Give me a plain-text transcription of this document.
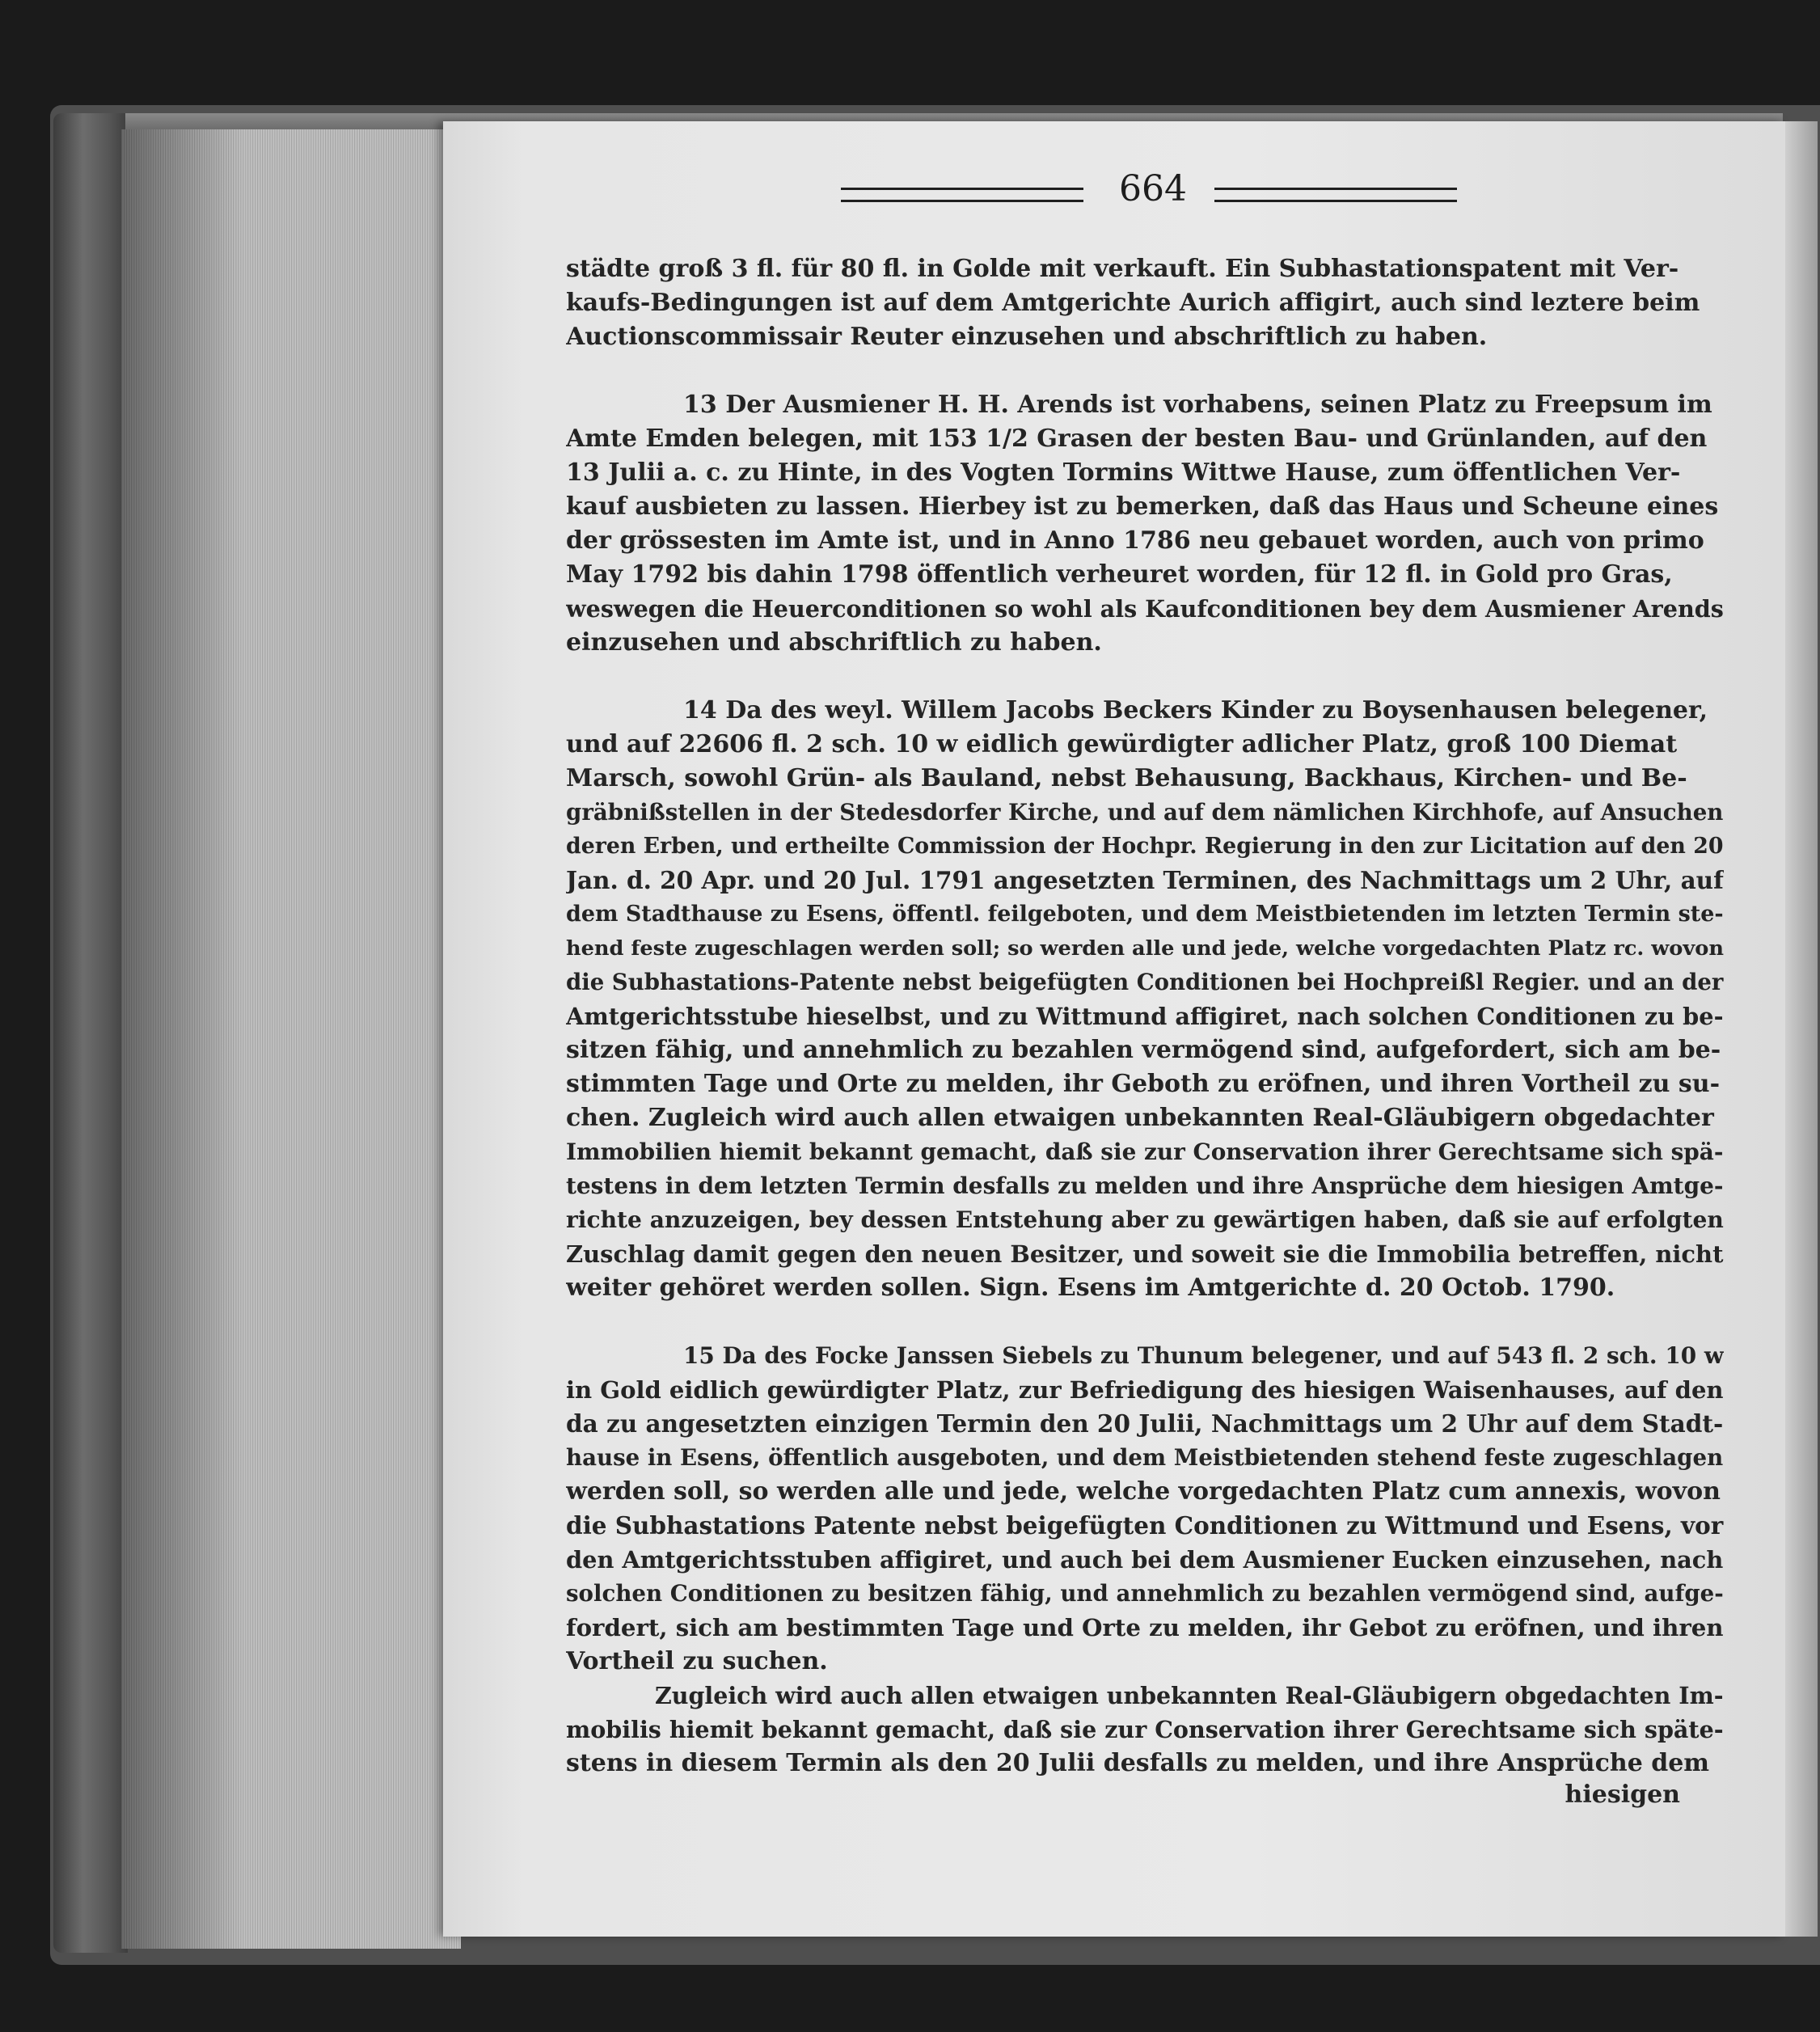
664
städte groß 3 fl. für 80 fl. in Golde mit verkauft. Ein Subhastationspatent mit Ver-
kaufs-Bedingungen ist auf dem Amtgerichte Aurich affigirt, auch sind leztere beim
Auctionscommissair Reuter einzusehen und abschriftlich zu haben.
13 Der Ausmiener H. H. Arends ist vorhabens, seinen Platz zu Freepsum im
Amte Emden belegen, mit 153 1/2 Grasen der besten Bau- und Grünlanden, auf den
13 Julii a. c. zu Hinte, in des Vogten Tormins Wittwe Hause, zum öffentlichen Ver-
kauf ausbieten zu lassen. Hierbey ist zu bemerken, daß das Haus und Scheune eines
der grössesten im Amte ist, und in Anno 1786 neu gebauet worden, auch von primo
May 1792 bis dahin 1798 öffentlich verheuret worden, für 12 fl. in Gold pro Gras,
weswegen die Heuerconditionen so wohl als Kaufconditionen bey dem Ausmiener Arends
einzusehen und abschriftlich zu haben.
14 Da des weyl. Willem Jacobs Beckers Kinder zu Boysenhausen belegener,
und auf 22606 fl. 2 sch. 10 w eidlich gewürdigter adlicher Platz, groß 100 Diemat
Marsch, sowohl Grün- als Bauland, nebst Behausung, Backhaus, Kirchen- und Be-
gräbnißstellen in der Stedesdorfer Kirche, und auf dem nämlichen Kirchhofe, auf Ansuchen
deren Erben, und ertheilte Commission der Hochpr. Regierung in den zur Licitation auf den 20
Jan. d. 20 Apr. und 20 Jul. 1791 angesetzten Terminen, des Nachmittags um 2 Uhr, auf
dem Stadthause zu Esens, öffentl. feilgeboten, und dem Meistbietenden im letzten Termin ste-
hend feste zugeschlagen werden soll; so werden alle und jede, welche vorgedachten Platz rc. wovon
die Subhastations-Patente nebst beigefügten Conditionen bei Hochpreißl Regier. und an der
Amtgerichtsstube hieselbst, und zu Wittmund affigiret, nach solchen Conditionen zu be-
sitzen fähig, und annehmlich zu bezahlen vermögend sind, aufgefordert, sich am be-
stimmten Tage und Orte zu melden, ihr Geboth zu eröfnen, und ihren Vortheil zu su-
chen. Zugleich wird auch allen etwaigen unbekannten Real-Gläubigern obgedachter
Immobilien hiemit bekannt gemacht, daß sie zur Conservation ihrer Gerechtsame sich spä-
testens in dem letzten Termin desfalls zu melden und ihre Ansprüche dem hiesigen Amtge-
richte anzuzeigen, bey dessen Entstehung aber zu gewärtigen haben, daß sie auf erfolgten
Zuschlag damit gegen den neuen Besitzer, und soweit sie die Immobilia betreffen, nicht
weiter gehöret werden sollen. Sign. Esens im Amtgerichte d. 20 Octob. 1790.
15 Da des Focke Janssen Siebels zu Thunum belegener, und auf 543 fl. 2 sch. 10 w
in Gold eidlich gewürdigter Platz, zur Befriedigung des hiesigen Waisenhauses, auf den
da zu angesetzten einzigen Termin den 20 Julii, Nachmittags um 2 Uhr auf dem Stadt-
hause in Esens, öffentlich ausgeboten, und dem Meistbietenden stehend feste zugeschlagen
werden soll, so werden alle und jede, welche vorgedachten Platz cum annexis, wovon
die Subhastations Patente nebst beigefügten Conditionen zu Wittmund und Esens, vor
den Amtgerichtsstuben affigiret, und auch bei dem Ausmiener Eucken einzusehen, nach
solchen Conditionen zu besitzen fähig, und annehmlich zu bezahlen vermögend sind, aufge-
fordert, sich am bestimmten Tage und Orte zu melden, ihr Gebot zu eröfnen, und ihren
Vortheil zu suchen.
Zugleich wird auch allen etwaigen unbekannten Real-Gläubigern obgedachten Im-
mobilis hiemit bekannt gemacht, daß sie zur Conservation ihrer Gerechtsame sich späte-
stens in diesem Termin als den 20 Julii desfalls zu melden, und ihre Ansprüche dem
hiesigen
